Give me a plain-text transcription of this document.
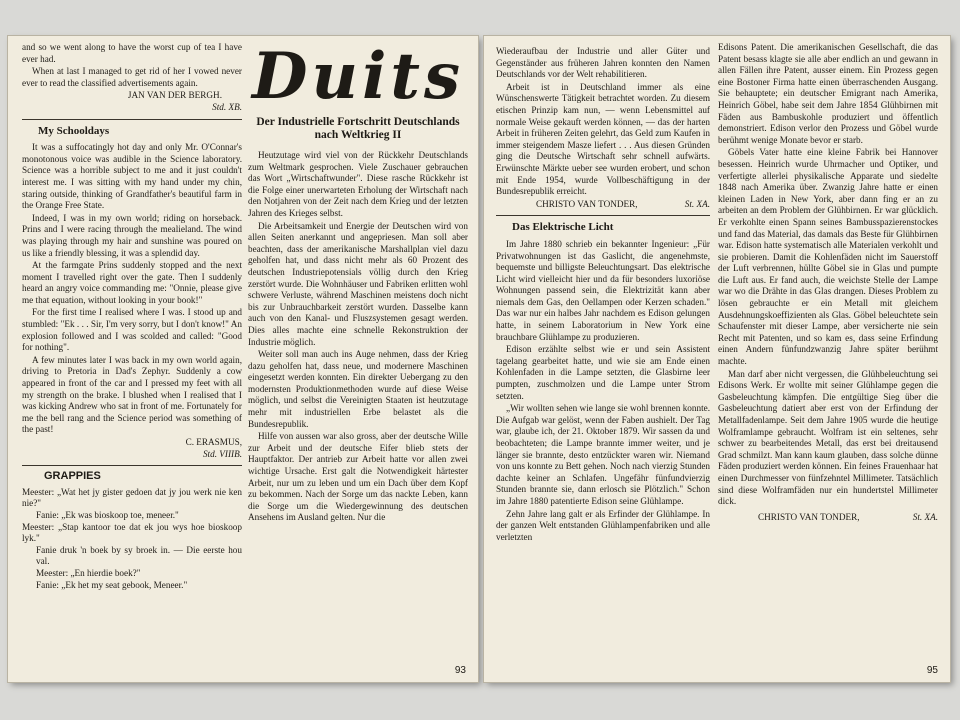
and so we went along to have the worst cup of tea I have ever had.

When at last I managed to get rid of her I vowed never ever to read the classified advertisements again.

JAN VAN DER BERGH.
Std. XB.
My Schooldays

It was a suffocatingly hot day and only Mr. O'Connar's monotonous voice was audible in the Science laboratory. Science was a horrible subject to me and it just couldn't interest me. I was sitting with my hand under my chin, staring outside, thinking of Grandfather's beautiful farm in the Orange Free State.

Indeed, I was in my own world; riding on horseback. Prins and I were racing through the mealieland. The wind was playing through my hair and sunshine was poured on us like a friendly blessing, it was a splendid day.

At the farmgate Prins suddenly stopped and the next moment I travelled right over the gate. Then I suddenly heard an angry voice commanding me: "Onnie, please give me that equation, without looking in your book!"

For the first time I realised where I was. I stood up and stumbled: "Ek . . . Sir, I'm very sorry, but I don't know!" An explosion followed and I was scolded and called: "Good for nothing".

A few minutes later I was back in my own world again, driving to Pretoria in Dad's Zephyr. Suddenly a cow appeared in front of the car and I pressed my feet with all my strength on the brake. I blushed when I realised that I was kicking Andrew who sat in front of me. Fortunately for me the bell rang and the Science period was something of the past!

C. ERASMUS,
Std. VIIIB.
GRAPPIES

Meester: „Wat het jy gister gedoen dat jy jou werk nie ken nie?"

Fanie: „Ek was bioskoop toe, meneer."

Meester: „Stap kantoor toe dat ek jou wys hoe bioskoop lyk."

Fanie druk 'n boek by sy broek in. — Die eerste hou val.

Meester: „En hierdie boek?"

Fanie: „Ek het my seat gebook, Meneer."

Duits
Der Industrielle Fortschritt Deutschlands nach Weltkrieg II

Heutzutage wird viel von der Rückkehr Deutschlands zum Weltmark gesprochen. Viele Zuschauer gebrauchen das Wort „Wirtschaftwunder". Diese rasche Rückkehr ist die Folge einer unerwarteten Erholung der Wirtschaft nach den Notjahren von der Zeit nach dem Krieg und der letzten Jahren des Krieges selbst.

Die Arbeitsamkeit und Energie der Deutschen wird von allen Seiten anerkannt und angepriesen. Man soll aber beachten, dass der amerikanische Marshallplan viel dazu geholfen hat, und dass nicht mehr als 60 Prozent des deutschen Industriepotensials völlig durch den Krieg zerstört wurde. Die Wohnhäuser und Fabriken erlitten wohl schwere Verluste, während Maschinen meistens doch nicht bis zur Unbrauchbarkeit zerstört wurden. Dasselbe kann auch von den Kanal- und Fluszsystemen gesagt werden. Dies alles machte eine schnelle Rekonstruktion der Industrie möglich.

Weiter soll man auch ins Auge nehmen, dass der Krieg dazu geholfen hat, dass neue, und modernere Maschinen eingesetzt werden konnten. Ein direkter Uebergang zu den modernsten Produktionmethoden wurde auf diese Weise möglich, und selbst die Vereinigten Staaten ist heutzutage mehr mit industriellen Erbe belastet als die Bundesrepublik.

Hilfe von aussen war also gross, aber der deutsche Wille zur Arbeit und der deutsche Eifer blieb stets der Hauptfaktor. Der antrieb zur Arbeit hatte vor allen zwei wichtige Ursache. Erst galt die Notwendigkeit härtester Arbeit, nur um zu leben und um ein Dach über dem Kopf zu bekommen. Nach der Sorge um das nackte Leben, kann die Sorge um die Wiedergewinnung des deutschen Ansehens im Ausland gelten. Nur die

93

Wiederaufbau der Industrie und aller Güter und Gegenständer aus früheren Jahren konnten den Namen Deutschlands vor der Welt rehabilitieren.

Arbeit ist in Deutschland immer als eine Wünschenswerte Tätigkeit betrachtet worden. Zu diesem etischen Prinzip kam nun, — wenn Lebensmittel auf normale Weise gekauft werden können, — das der harten Arbeit in früheren Zeiten gelehrt, das Geld zum Kaufen in immer steigendem Masze liefert . . . Aus diesen Gründen ging die Deutsche Wirtschaft sehr schnell aufwärts. Erwünschte Märkte ueber see wurden erobert, und schon mit Ende 1954, wurde Vollbeschäftigung in der Bundesrepublik erreicht.

CHRISTO VAN TONDER,	St. XA.
Das Elektrische Licht

Im Jahre 1880 schrieb ein bekannter Ingenieur: „Für Privatwohnungen ist das Gaslicht, die angenehmste, bequemste und billigste Beleuchtungsart. Das elektrische Licht wird vielleicht hier und da für besonders luxoriöse Wohnungen passend sein, die Elektrizität kann aber niemals dem Gas, den Oellampen oder Kerzen schaden." Das war nur ein halbes Jahr nachdem es Edison gelungen hatte, in seinem Laboratorium in New York eine brauchbare Glühlampe zu produzieren.

Edison erzählte selbst wie er und sein Assistent tagelang gearbeitet hatte, und wie sie am Ende einen Kohlenfaden in die Lampe setzten, die Glasbirne leer pumpten, zuschmolzen und die Lampe unter Strom setzten.

„Wir wollten sehen wie lange sie wohl brennen konnte. Die Aufgab war gelöst, wenn der Faben aushielt. Der Tag war, glaube ich, der 21. Oktober 1879. Wir sassen da und beobachteten; die Lampe brannte immer weiter, und je länger sie brannte, desto entzückter waren wir. Niemand von uns konnte zu Bett gehen. Noch nach vierzig Stunden dachte keiner an Schlafen. Ungefähr fünfundvierzig Stunden brannte sie, dann erlosch sie Plötzlich." Schon im Jahre 1880 patentierte Edison seine Glühlampe.

Zehn Jahre lang galt er als Erfinder der Glühlampe. In der ganzen Welt entstanden Glühlampenfabriken und alle verletzten

Edisons Patent. Die amerikanischen Gesellschaft, die das Patent besass klagte sie alle aber endlich an und gewann in allen Fällen ihre Patent, ausser einem. Ein Prozess gegen eine Bostoner Firma hatte einen überraschenden Ausgang. Sie behauptete; ein deutscher Emigrant nach Amerika, Heinrich Göbel, habe seit dem Jahre 1854 Glühbirnen mit Fäden aus Bambuskohle produziert und öffentlich demonstriert. Edison verlor den Prozess und Göbel wurde berühmt wenige Monate bevor er starb.

Göbels Vater hatte eine kleine Fabrik bei Hannover besessen. Heinrich wurde Uhrmacher und Optiker, und verfertigte allerlei physikalische Apparate und siedelte 1848 nach Amerika über. Zwanzig Jahre hatte er einen kleinen Laden in New York, aber dann fing er an zu arbeiten an dem Problem der Glühbirnen. Er war glücklich. Er verkohlte einen Spann seines Bambusspazierenstockes und fand das Material, das damals das Beste für Glühbirnen war. Edison hatte systematisch alle Materialen verkohlt und sie probieren. Damit die Kohlenfäden nicht im Sauerstoff der Luft verbrennen, hüllte Göbel sie in Glas und pumpte die Luft aus. Er fand auch, die weichste Stelle der Lampe war wo die Drähte in das Glas drangen. Dieses Problem zu lösen gebrauchte er ein Metall mit gleichem Ausdehnungskoeffizienten als Glas. Göbel beleuchtete sein Schaufenster mit dieser Lampe, aber versicherte nie sein Recht mit Patenten, und so kam es, dass seine Erfindung einen Andern fünfundzwanzig Jahre später berühmt machte.

Man darf aber nicht vergessen, die Glühbeleuchtung sei Edisons Werk. Er wollte mit seiner Glühlampe gegen die Gasbeleuchtung kämpfen. Die entgültige Sieg über die Gasbeleuchtung datiert aber erst von der Erfindung der Metallfadenlampe. Seit dem Jahre 1905 wurde die heutige Wolframlampe gebraucht. Wolfram ist ein seltenes, sehr schwer zu bearbeitendes Metall, das erst bei dreitausend Grad schmilzt. Man kann kaum glauben, dass solche dünne Fäden produziert werden können. Ein feines Frauenhaar hat einen Durchmesser von fünfzehntel Millimeter. Tatsächlich sind diese Wolframfäden nur ein hundertstel Millimeter dick.

CHRISTO VAN TONDER,	St. XA.
95
